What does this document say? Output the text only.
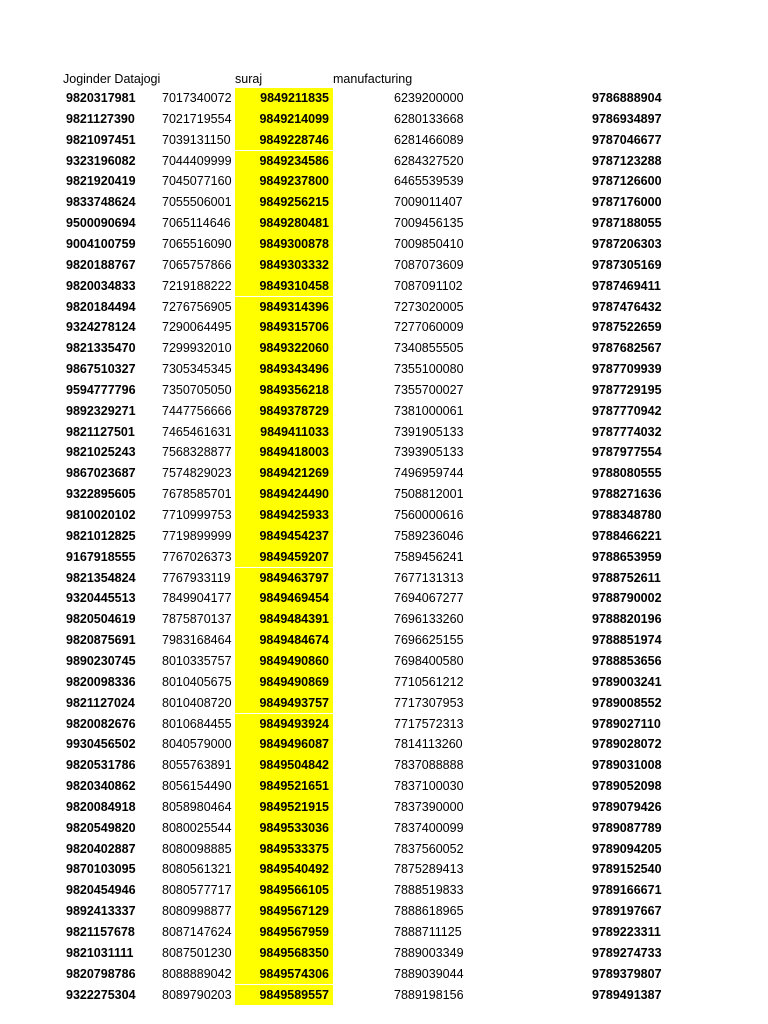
Joginder Datajogi	suraj	manufacturing
9820317981 7017340072	9849211835	6239200000	9786888904
9821127390 7021719554	9849214099	6280133668	9786934897
9821097451 7039131150	9849228746	6281466089	9787046677
9323196082 7044409999	9849234586	6284327520	9787123288
9821920419 7045077160	9849237800	6465539539	9787126600
9833748624 7055506001	9849256215	7009011407	9787176000
9500090694 7065114646	9849280481	7009456135	9787188055
9004100759 7065516090	9849300878	7009850410	9787206303
9820188767 7065757866	9849303332	7087073609	9787305169
9820034833 7219188222	9849310458	7087091102	9787469411
9820184494 7276756905	9849314396	7273020005	9787476432
9324278124 7290064495	9849315706	7277060009	9787522659
9821335470 7299932010	9849322060	7340855505	9787682567
9867510327 7305345345	9849343496	7355100080	9787709939
9594777796 7350705050	9849356218	7355700027	9787729195
9892329271 7447756666	9849378729	7381000061	9787770942
9821127501 7465461631	9849411033	7391905133	9787774032
9821025243 7568328877	9849418003	7393905133	9787977554
9867023687 7574829023	9849421269	7496959744	9788080555
9322895605 7678585701	9849424490	7508812001	9788271636
9810020102 7710999753	9849425933	7560000616	9788348780
9821012825 7719899999	9849454237	7589236046	9788466221
9167918555 7767026373	9849459207	7589456241	9788653959
9821354824 7767933119	9849463797	7677131313	9788752611
9320445513 7849904177	9849469454	7694067277	9788790002
9820504619 7875870137	9849484391	7696133260	9788820196
9820875691 7983168464	9849484674	7696625155	9788851974
9890230745 8010335757	9849490860	7698400580	9788853656
9820098336 8010405675	9849490869	7710561212	9789003241
9821127024 8010408720	9849493757	7717307953	9789008552
9820082676 8010684455	9849493924	7717572313	9789027110
9930456502 8040579000	9849496087	7814113260	9789028072
9820531786 8055763891	9849504842	7837088888	9789031008
9820340862 8056154490	9849521651	7837100030	9789052098
9820084918 8058980464	9849521915	7837390000	9789079426
9820549820 8080025544	9849533036	7837400099	9789087789
9820402887 8080098885	9849533375	7837560052	9789094205
9870103095 8080561321	9849540492	7875289413	9789152540
9820454946 8080577717	9849566105	7888519833	9789166671
9892413337 8080998877	9849567129	7888618965	9789197667
9821157678 8087147624	9849567959	7888711125	9789223311
9821031111 8087501230	9849568350	7889003349	9789274733
9820798786 8088889042	9849574306	7889039044	9789379807
9322275304 8089790203	9849589557	7889198156	9789491387
